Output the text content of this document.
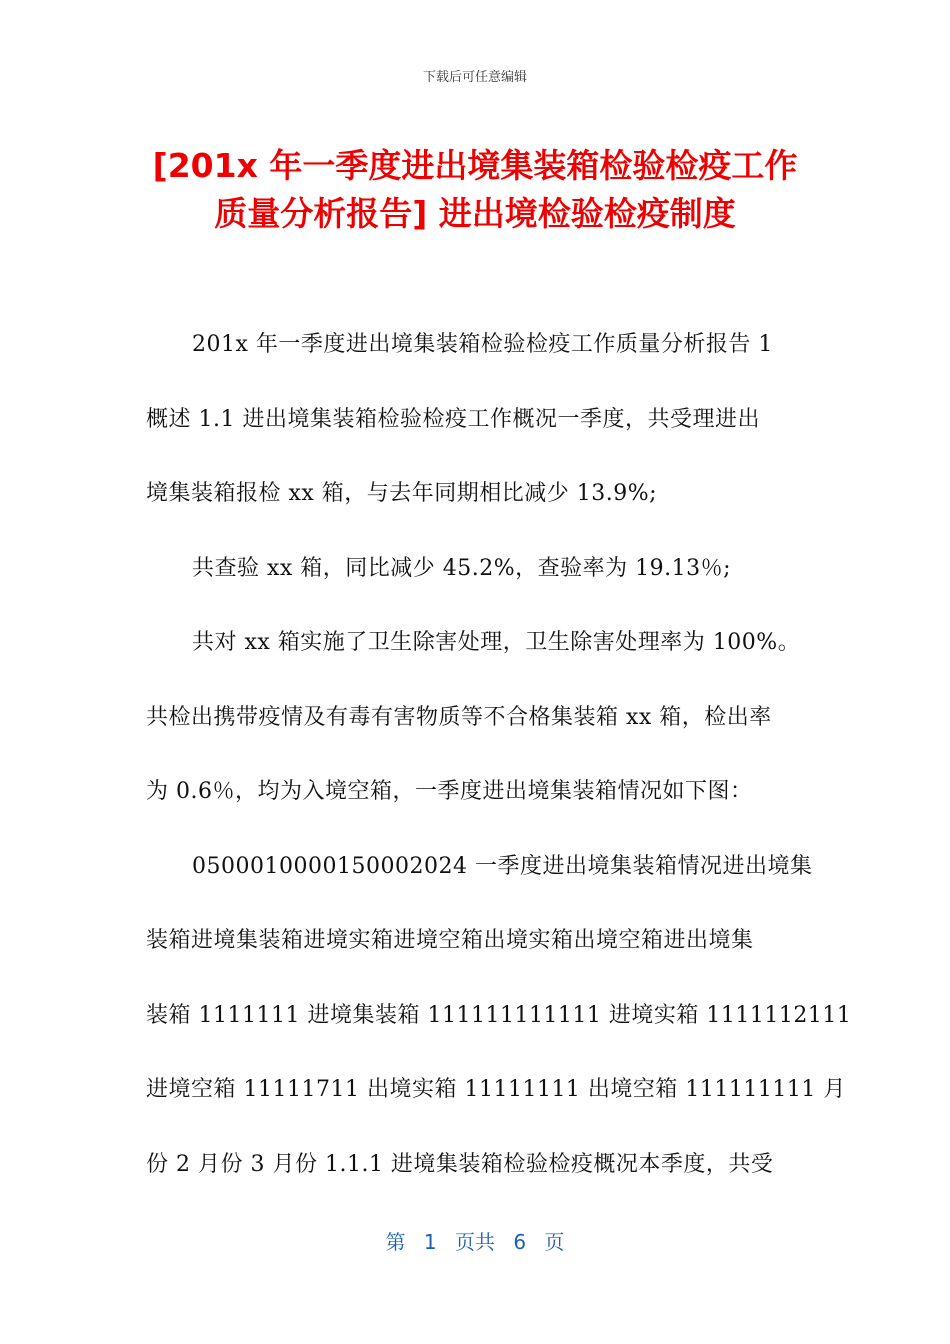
下载后可任意编辑
[201x 年一季度进出境集装箱检验检疫工作
质量分析报告] 进出境检验检疫制度
201x 年一季度进出境集装箱检验检疫工作质量分析报告 1
概述 1.1 进出境集装箱检验检疫工作概况一季度，共受理进出
境集装箱报检 xx 箱，与去年同期相比减少 13.9%;
共查验 xx 箱，同比减少 45.2%，查验率为 19.13％;
共对 xx 箱实施了卫生除害处理，卫生除害处理率为 100%。
共检出携带疫情及有毒有害物质等不合格集装箱 xx 箱，检出率
为 0.6％，均为入境空箱，一季度进出境集装箱情况如下图：
0500010000150002024 一季度进出境集装箱情况进出境集
装箱进境集装箱进境实箱进境空箱出境实箱出境空箱进出境集
装箱 1111111 进境集装箱 111111111111 进境实箱 1111112111
进境空箱 11111711 出境实箱 11111111 出境空箱 111111111 月
份 2 月份 3 月份 1.1.1 进境集装箱检验检疫概况本季度，共受
第 1 页共 6 页
